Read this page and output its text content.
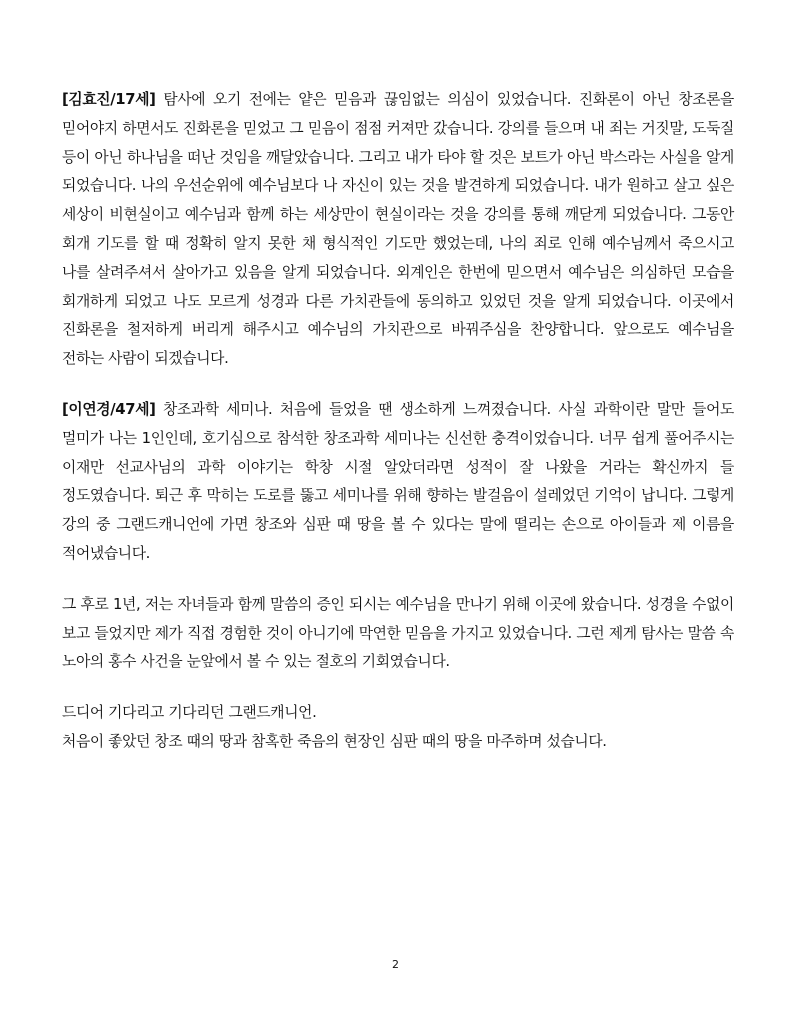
[김효진/17세] 탐사에 오기 전에는 얕은 믿음과 끊임없는 의심이 있었습니다. 진화론이 아닌 창조론을 믿어야지 하면서도 진화론을 믿었고 그 믿음이 점점 커져만 갔습니다. 강의를 들으며 내 죄는 거짓말, 도둑질 등이 아닌 하나님을 떠난 것임을 깨달았습니다. 그리고 내가 타야 할 것은 보트가 아닌 박스라는 사실을 알게 되었습니다. 나의 우선순위에 예수님보다 나 자신이 있는 것을 발견하게 되었습니다. 내가 원하고 살고 싶은 세상이 비현실이고 예수님과 함께 하는 세상만이 현실이라는 것을 강의를 통해 깨닫게 되었습니다. 그동안 회개 기도를 할 때 정확히 알지 못한 채 형식적인 기도만 했었는데, 나의 죄로 인해 예수님께서 죽으시고 나를 살려주셔서 살아가고 있음을 알게 되었습니다. 외계인은 한번에 믿으면서 예수님은 의심하던 모습을 회개하게 되었고 나도 모르게 성경과 다른 가치관들에 동의하고 있었던 것을 알게 되었습니다. 이곳에서 진화론을 철저하게 버리게 해주시고 예수님의 가치관으로 바꿔주심을 찬양합니다. 앞으로도 예수님을 전하는 사람이 되겠습니다.

[이연경/47세] 창조과학 세미나. 처음에 들었을 땐 생소하게 느껴졌습니다. 사실 과학이란 말만 들어도 멀미가 나는 1인인데, 호기심으로 참석한 창조과학 세미나는 신선한 충격이었습니다. 너무 쉽게 풀어주시는 이재만 선교사님의 과학 이야기는 학창 시절 알았더라면 성적이 잘 나왔을 거라는 확신까지 들 정도였습니다. 퇴근 후 막히는 도로를 뚫고 세미나를 위해 향하는 발걸음이 설레었던 기억이 납니다. 그렇게 강의 중 그랜드캐니언에 가면 창조와 심판 때 땅을 볼 수 있다는 말에 떨리는 손으로 아이들과 제 이름을 적어냈습니다.

그 후로 1년, 저는 자녀들과 함께 말씀의 증인 되시는 예수님을 만나기 위해 이곳에 왔습니다. 성경을 수없이 보고 들었지만 제가 직접 경험한 것이 아니기에 막연한 믿음을 가지고 있었습니다. 그런 제게 탐사는 말씀 속 노아의 홍수 사건을 눈앞에서 볼 수 있는 절호의 기회였습니다.

드디어 기다리고 기다리던 그랜드캐니언.
처음이 좋았던 창조 때의 땅과 참혹한 죽음의 현장인 심판 때의 땅을 마주하며 섰습니다.

2
